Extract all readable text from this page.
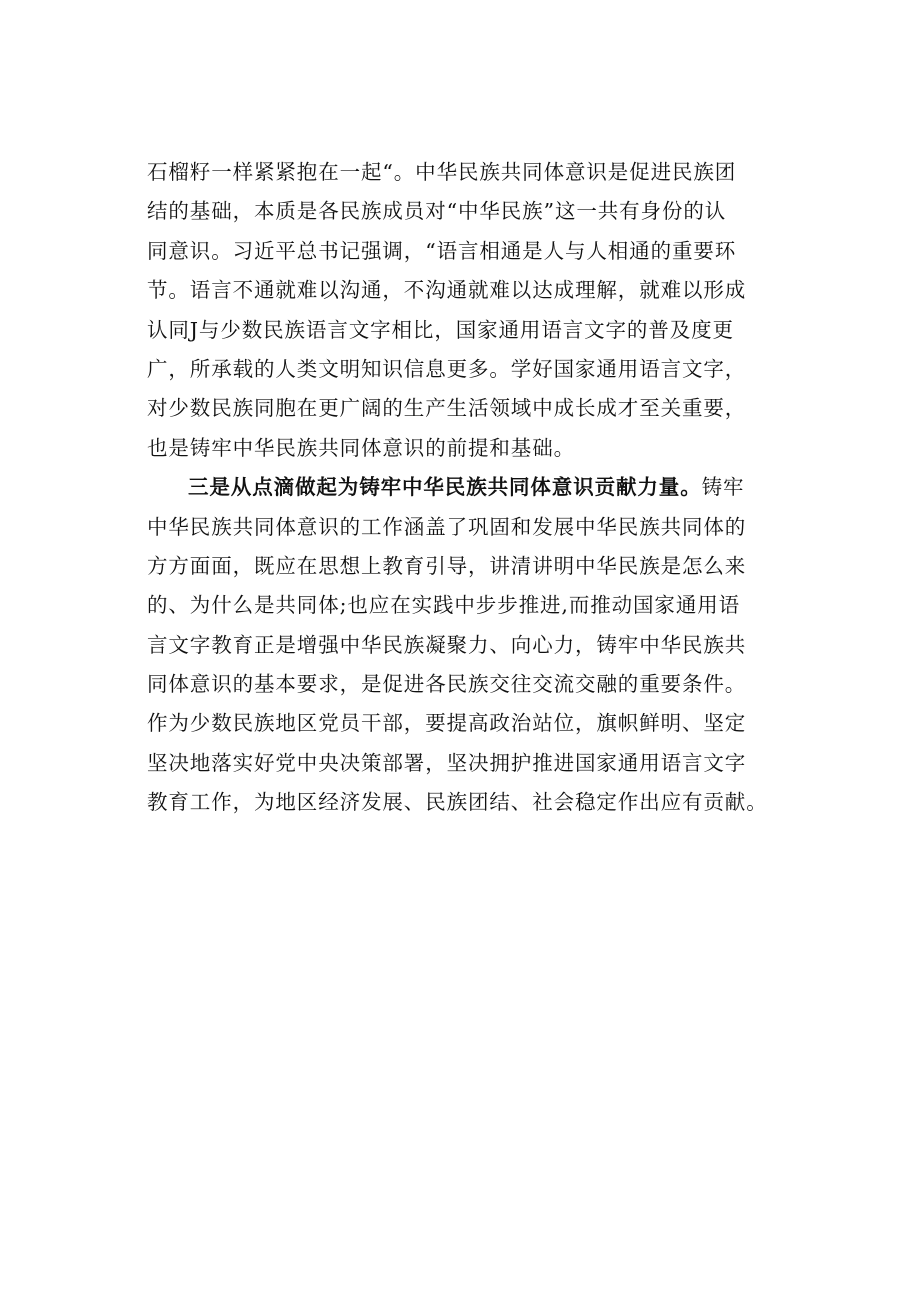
石榴籽一样紧紧抱在一起“。中华民族共同体意识是促进民族团
结的基础，本质是各民族成员对“中华民族”这一共有身份的认
同意识。习近平总书记强调，“语言相通是人与人相通的重要环
节。语言不通就难以沟通，不沟通就难以达成理解，就难以形成
认同J与少数民族语言文字相比，国家通用语言文字的普及度更
广，所承载的人类文明知识信息更多。学好国家通用语言文字，
对少数民族同胞在更广阔的生产生活领域中成长成才至关重要，
也是铸牢中华民族共同体意识的前提和基础。
三是从点滴做起为铸牢中华民族共同体意识贡献力量。铸牢
中华民族共同体意识的工作涵盖了巩固和发展中华民族共同体的
方方面面，既应在思想上教育引导，讲清讲明中华民族是怎么来
的、为什么是共同体;也应在实践中步步推进,而推动国家通用语
言文字教育正是增强中华民族凝聚力、向心力，铸牢中华民族共
同体意识的基本要求，是促进各民族交往交流交融的重要条件。
作为少数民族地区党员干部，要提高政治站位，旗帜鲜明、坚定
坚决地落实好党中央决策部署，坚决拥护推进国家通用语言文字
教育工作，为地区经济发展、民族团结、社会稳定作出应有贡献。
